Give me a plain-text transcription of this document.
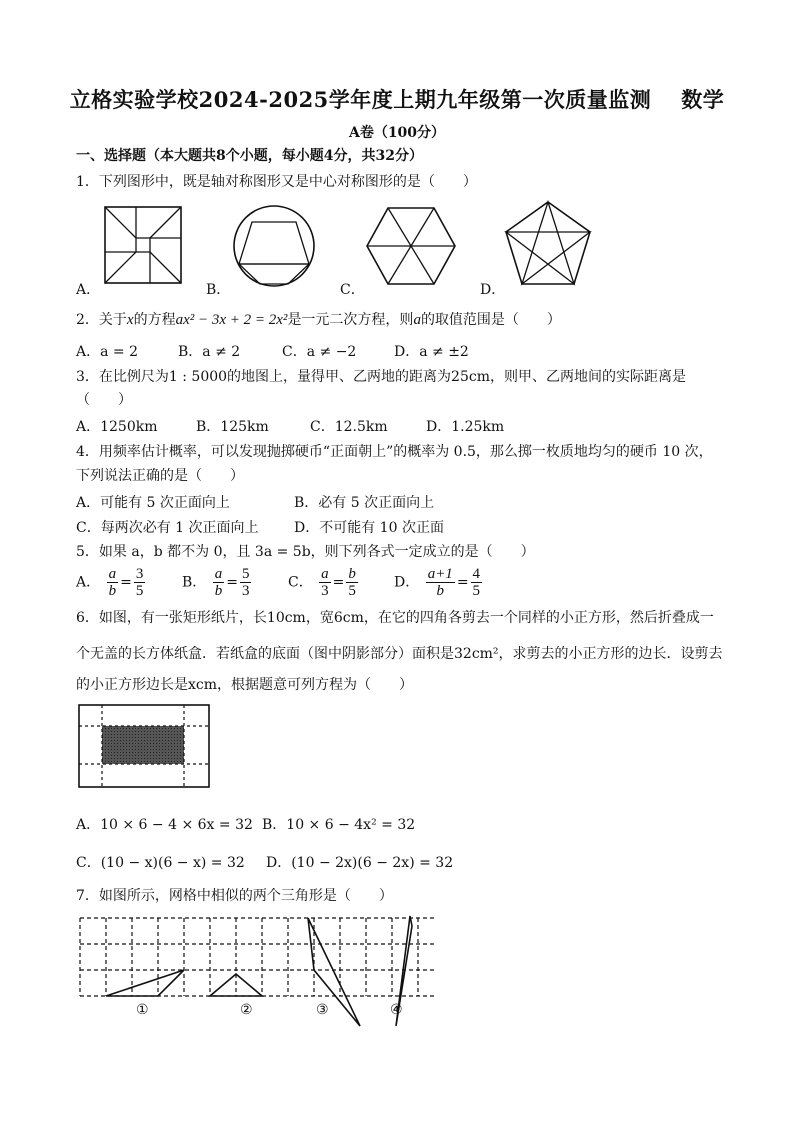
立格实验学校2024-2025学年度上期九年级第一次质量监测 数学
A卷（100分）
一、选择题（本大题共8个小题，每小题4分，共32分）
1．下列图形中，既是轴对称图形又是中心对称图形的是（　　）
A．	B．	C．	D．
2．关于x的方程ax² − 3x + 2 = 2x²是一元二次方程，则a的取值范围是（　　）
A．a = 2	B．a ≠ 2	C．a ≠ −2	D．a ≠ ±2
3．在比例尺为1 : 5000的地图上，量得甲、乙两地的距离为25cm，则甲、乙两地间的实际距离是
（　　）
A．1250km	B．125km	C．12.5km	D．1.25km
4．用频率估计概率，可以发现抛掷硬币“正面朝上”的概率为 0.5，那么掷一枚质地均匀的硬币 10 次，
下列说法正确的是（　　）
A．可能有 5 次正面向上	B．必有 5 次正面向上
C．每两次必有 1 次正面向上	D．不可能有 10 次正面
5．如果 a，b 都不为 0，且 3a = 5b，则下列各式一定成立的是（　　）
A． $\frac{a}{b} = \frac{3}{5}$	B． $\frac{a}{b} = \frac{5}{3}$	C． $\frac{a}{3} = \frac{b}{5}$	D． $\frac{a+1}{b} = \frac{4}{5}$
6．如图，有一张矩形纸片，长10cm，宽6cm，在它的四角各剪去一个同样的小正方形，然后折叠成一
个无盖的长方体纸盒．若纸盒的底面（图中阴影部分）面积是32cm²，求剪去的小正方形的边长．设剪去
的小正方形边长是xcm，根据题意可列方程为（　　）
A．10 × 6 − 4 × 6x = 32 B．10 × 6 − 4x² = 32
C．(10 − x)(6 − x) = 32 D．(10 − 2x)(6 − 2x) = 32
7．如图所示，网格中相似的两个三角形是（　　）
①	②	③	④
